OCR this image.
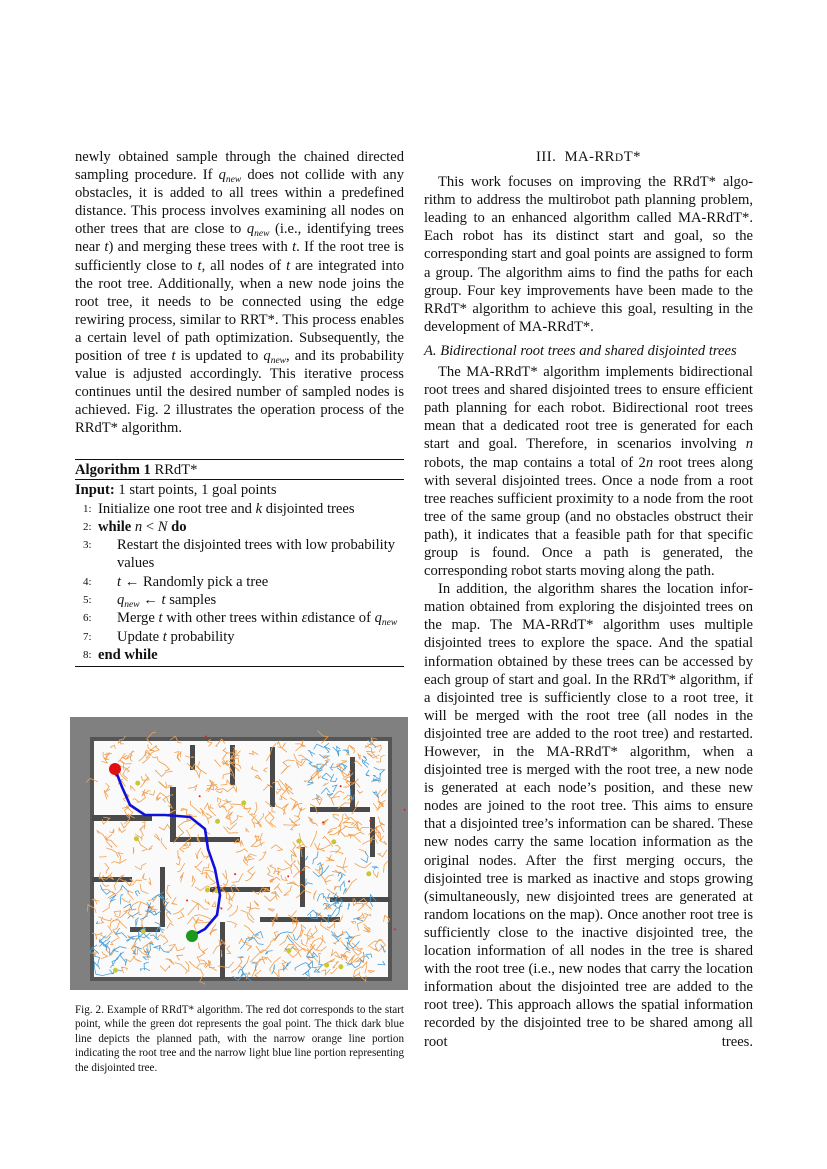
newly obtained sample through the chained directed sampling procedure. If $q_{new}$ does not collide with any obstacles, it is added to all trees within a predefined distance. This process involves examining all nodes on other trees that are close to $q_{new}$ (i.e., identifying trees near t) and merging these trees with t. If the root tree is sufficiently close to t, all nodes of t are integrated into the root tree. Additionally, when a new node joins the root tree, it needs to be connected using the edge rewiring process, similar to RRT*. This process enables a certain level of path optimization. Subsequently, the position of tree t is updated to $q_{new}$, and its probability value is adjusted accordingly. This iterative process continues until the desired number of sampled nodes is achieved. Fig. 2 illustrates the operation process of the RRdT* algorithm.

Algorithm 1 RRdT*
Input: 1 start points, 1 goal points
1: Initialize one root tree and k disjointed trees
2: while n < N do
3: Restart the disjointed trees with low probability values
4: t ← Randomly pick a tree
5: $q_{new}$ ← t samples
6: Merge t with other trees within εdistance of $q_{new}$
7: Update t probability
8: end while
Fig. 2. Example of RRdT* algorithm. The red dot corresponds to the start point, while the green dot represents the goal point. The thick dark blue line depicts the planned path, with the narrow orange line portion indicating the root tree and the narrow light blue line portion representing the disjointed tree.
III. MA-RRDT*

This work focuses on improving the RRdT* algorithm to address the multirobot path planning problem, leading to an enhanced algorithm called MA-RRdT*. Each robot has its distinct start and goal, so the corresponding start and goal points are assigned to form a group. The algorithm aims to find the paths for each group. Four key improvements have been made to the RRdT* algorithm to achieve this goal, resulting in the development of MA-RRdT*.

A. Bidirectional root trees and shared disjointed trees

The MA-RRdT* algorithm implements bidirectional root trees and shared disjointed trees to ensure efficient path planning for each robot. Bidirectional root trees mean that a dedicated root tree is generated for each start and goal. Therefore, in scenarios involving n robots, the map contains a total of 2n root trees along with several disjointed trees. Once a node from a root tree reaches sufficient proximity to a node from the root tree of the same group (and no obstacles obstruct their path), it indicates that a feasible path for that specific group is found. Once a path is generated, the corresponding robot starts moving along the path.

In addition, the algorithm shares the location information obtained from exploring the disjointed trees on the map. The MA-RRdT* algorithm uses multiple disjointed trees to explore the space. And the spatial information obtained by these trees can be accessed by each group of start and goal. In the RRdT* algorithm, if a disjointed tree is sufficiently close to a root tree, it will be merged with the root tree (all nodes in the disjointed tree are added to the root tree) and restarted. However, in the MA-RRdT* algorithm, when a disjointed tree is merged with the root tree, a new node is generated at each node’s position, and these new nodes are joined to the root tree. This aims to ensure that a disjointed tree’s information can be shared. These new nodes carry the same location information as the original nodes. After the first merging occurs, the disjointed tree is marked as inactive and stops growing (simultaneously, new disjointed trees are generated at random locations on the map). Once another root tree is sufficiently close to the inactive disjointed tree, the location information of all nodes in the tree is shared with the root tree (i.e., new nodes that carry the location information about the disjointed tree are added to the root tree). This approach allows the spatial information recorded by the disjointed tree to be shared among all root trees.
